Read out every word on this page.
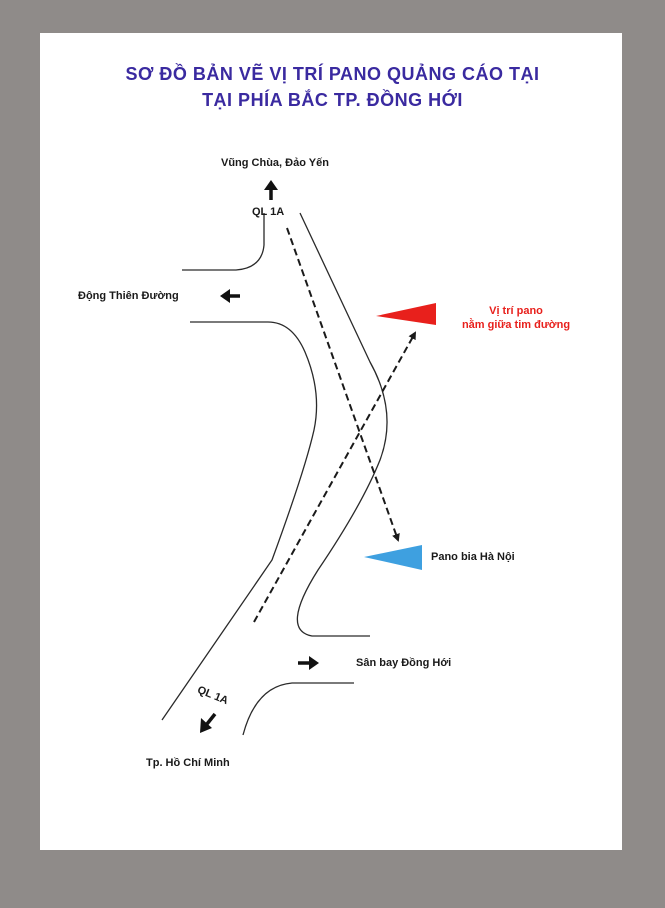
SƠ ĐỒ BẢN VẼ VỊ TRÍ PANO QUẢNG CÁO TẠI
TẠI PHÍA BẮC TP. ĐỒNG HỚI
Vũng Chùa, Đảo Yến
QL 1A
Động Thiên Đường
Vị trí pano
nằm giữa tim đường
Pano bia Hà Nội
Sân bay Đồng Hới
QL 1A
Tp. Hồ Chí Minh
